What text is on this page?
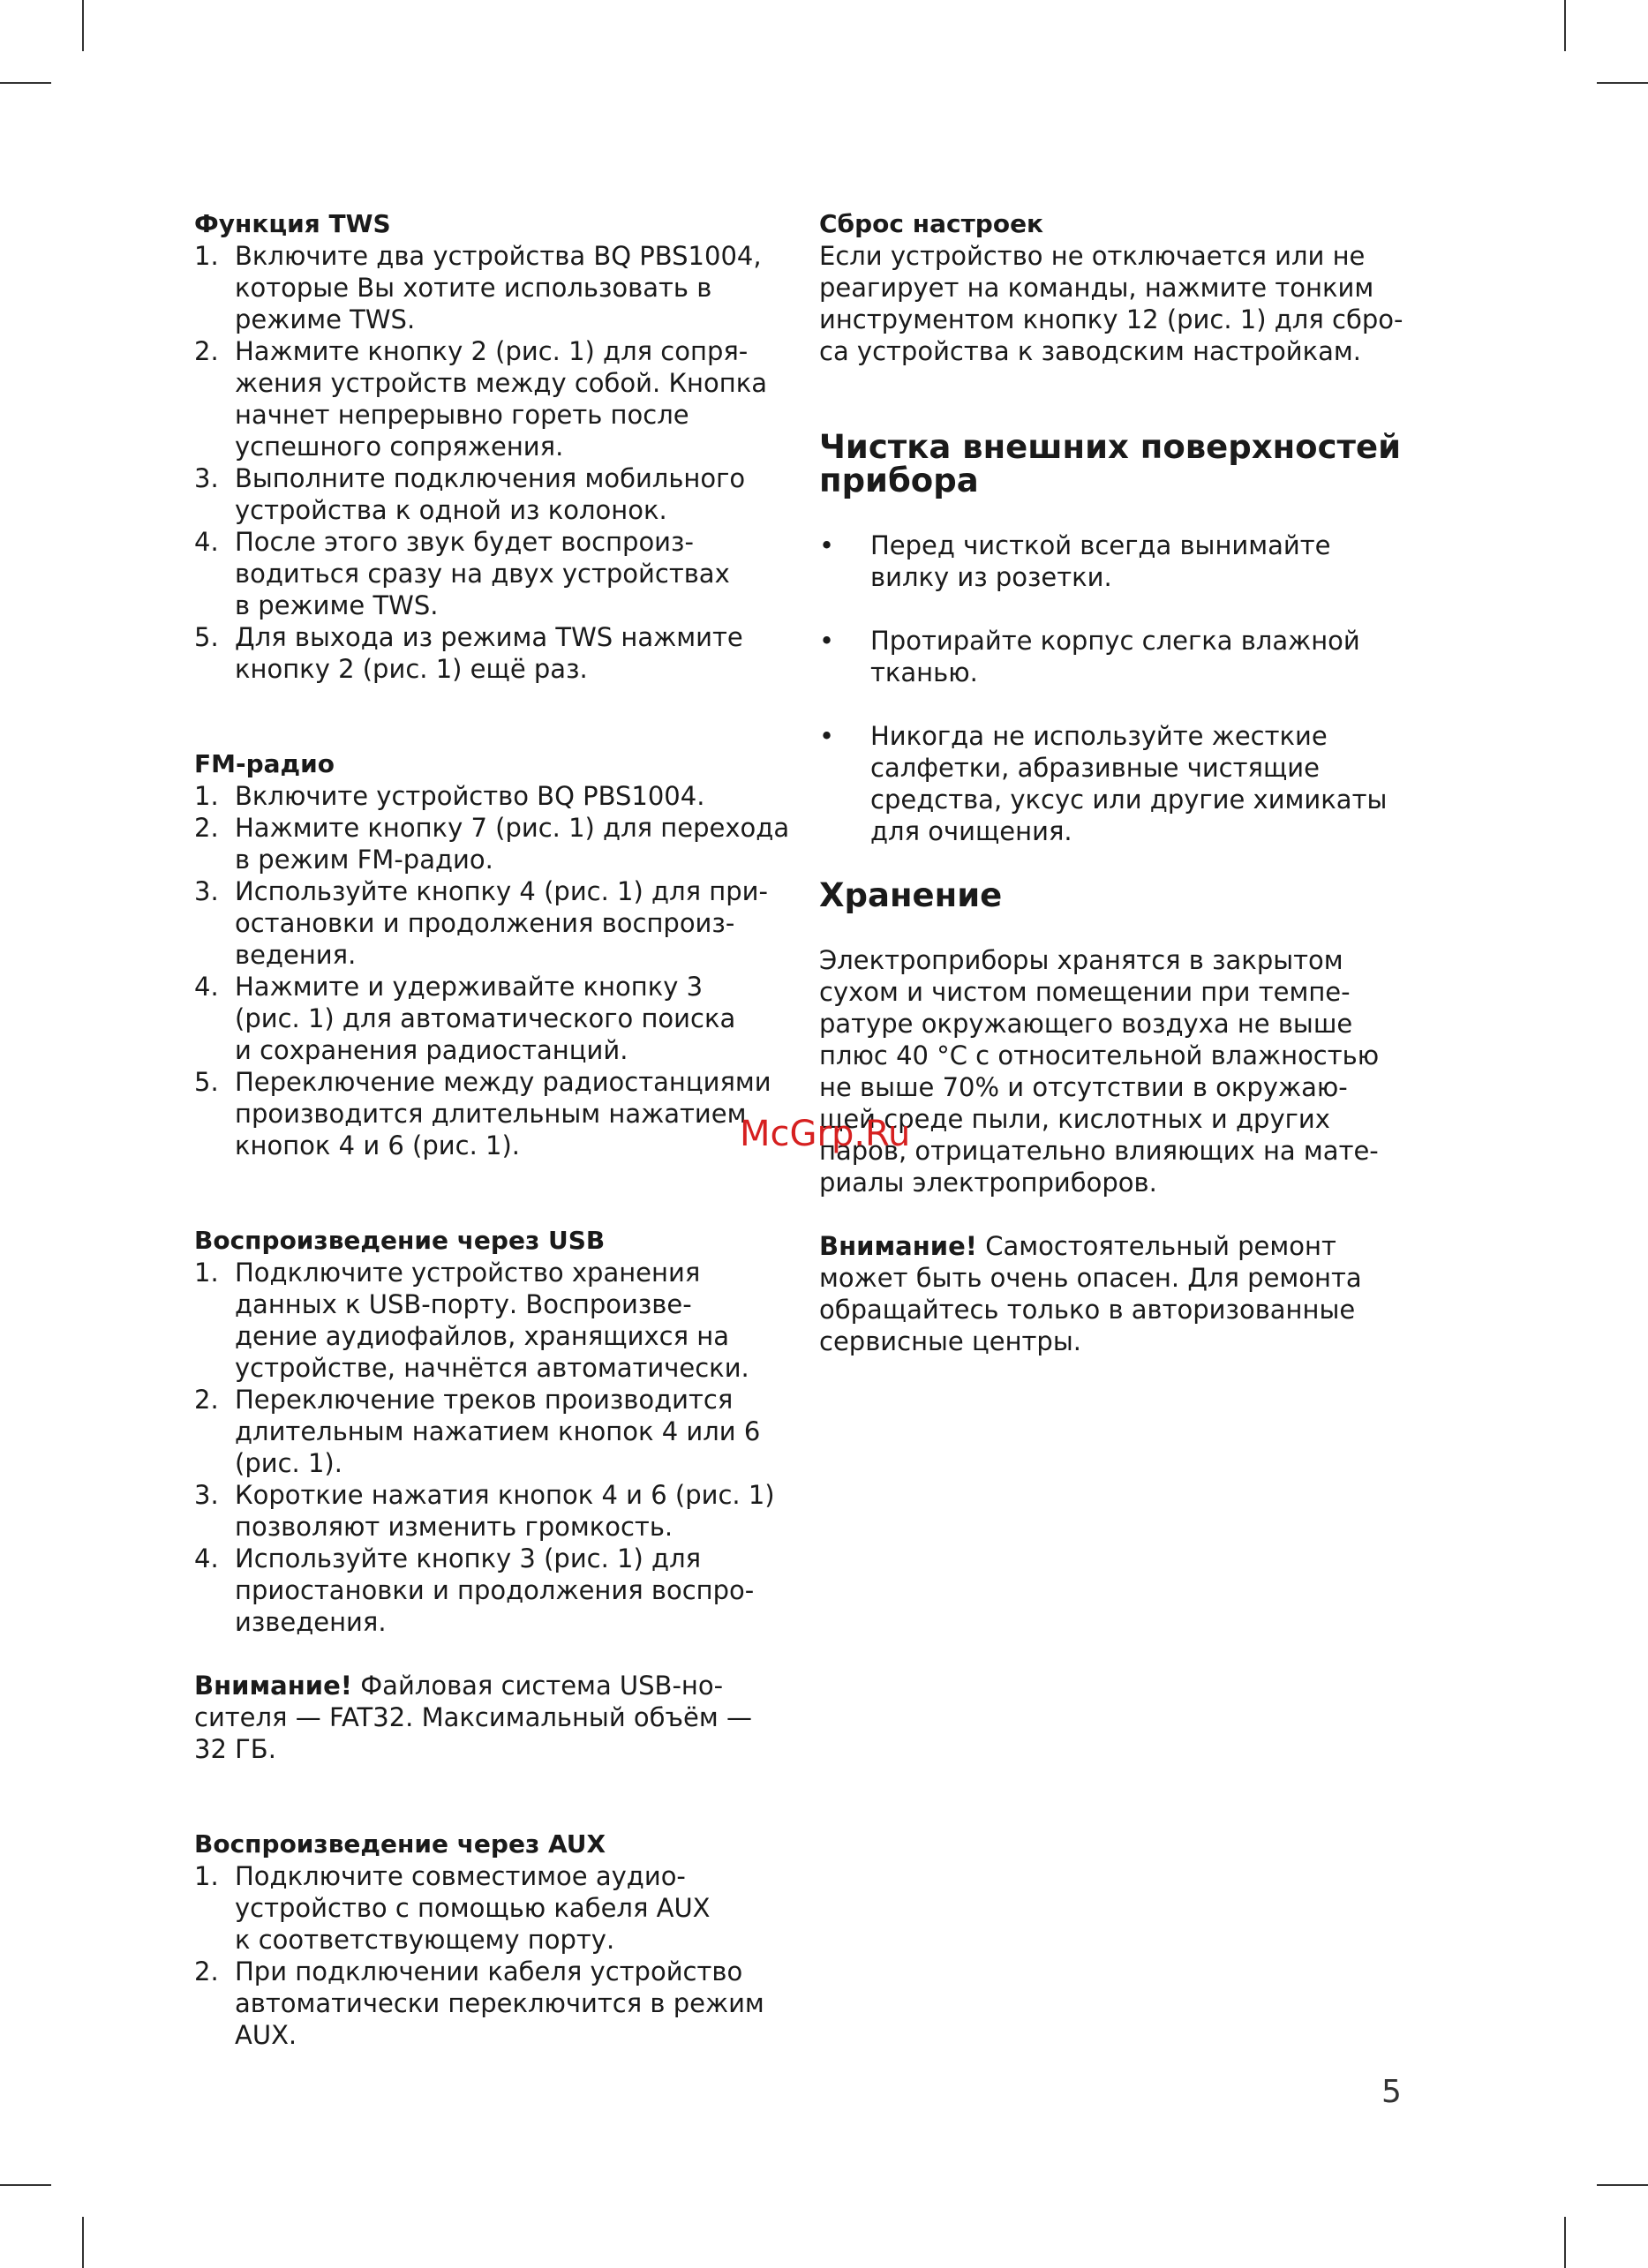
Функция TWS
1. Включите два устройства BQ PBS1004,
которые Вы хотите использовать в
режиме TWS.
2. Нажмите кнопку 2 (рис. 1) для сопря-
жения устройств между собой. Кнопка
начнет непрерывно гореть после
успешного сопряжения.
3. Выполните подключения мобильного
устройства к одной из колонок.
4. После этого звук будет воспроиз-
водиться сразу на двух устройствах
в режиме TWS.
5. Для выхода из режима TWS нажмите
кнопку 2 (рис. 1) ещё раз.
FM-радио
1. Включите устройство BQ PBS1004.
2. Нажмите кнопку 7 (рис. 1) для перехода
в режим FM-радио.
3. Используйте кнопку 4 (рис. 1) для при-
остановки и продолжения воспроиз-
ведения.
4. Нажмите и удерживайте кнопку 3
(рис. 1) для автоматического поиска
и сохранения радиостанций.
5. Переключение между радиостанциями
производится длительным нажатием
кнопок 4 и 6 (рис. 1).
Воспроизведение через USB
1. Подключите устройство хранения
данных к USB-порту. Воспроизве-
дение аудиофайлов, хранящихся на
устройстве, начнётся автоматически.
2. Переключение треков производится
длительным нажатием кнопок 4 или 6
(рис. 1).
3. Короткие нажатия кнопок 4 и 6 (рис. 1)
позволяют изменить громкость.
4. Используйте кнопку 3 (рис. 1) для
приостановки и продолжения воспро-
изведения.

Внимание! Файловая система USB-но-
сителя — FAT32. Максимальный объём —
32 ГБ.

Воспроизведение через AUX
1. Подключите совместимое аудио-
устройство с помощью кабеля AUX
к соответствующему порту.
2. При подключении кабеля устройство
автоматически переключится в режим
AUX.
Сброс настроек

Если устройство не отключается или не
реагирует на команды, нажмите тонким
инструментом кнопку 12 (рис. 1) для сбро-
са устройства к заводским настройкам.

Чистка внешних поверхностей
прибора
• Перед чисткой всегда вынимайте
вилку из розетки.
• Протирайте корпус слегка влажной
тканью.
• Никогда не используйте жесткие
салфетки, абразивные чистящие
средства, уксус или другие химикаты
для очищения.
Хранение

Электроприборы хранятся в закрытом
сухом и чистом помещении при темпе-
ратуре окружающего воздуха не выше
плюс 40 °С с относительной влажностью
не выше 70% и отсутствии в окружаю-
щей среде пыли, кислотных и других
паров, отрицательно влияющих на мате-
риалы электроприборов.

Внимание! Самостоятельный ремонт
может быть очень опасен. Для ремонта
обращайтесь только в авторизованные
сервисные центры.

McGrp.Ru
5
